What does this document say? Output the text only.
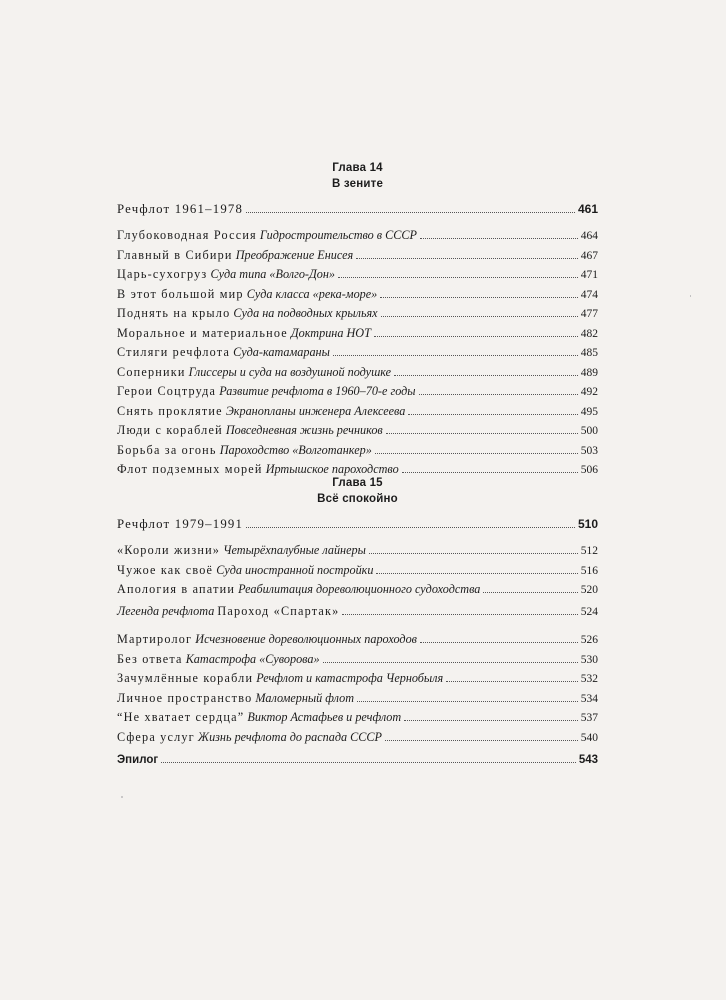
Глава 14
В зените
Речфлот 1961–1978	461
Глубоководная Россия Гидростроительство в СССР	464
Главный в Сибири Преображение Енисея	467
Царь-сухогруз Суда типа «Волго-Дон»	471
В этот большой мир Суда класса «река-море»	474
Поднять на крыло Суда на подводных крыльях	477
Моральное и материальное Доктрина НОТ	482
Стиляги речфлота Суда-катамараны	485
Соперники Глиссеры и суда на воздушной подушке	489
Герои Соцтруда Развитие речфлота в 1960–70-е годы	492
Снять проклятие Экранопланы инженера Алексеева	495
Люди с кораблей Повседневная жизнь речников	500
Борьба за огонь Пароходство «Волготанкер»	503
Флот подземных морей Иртышское пароходство	506
Глава 15
Всё спокойно
Речфлот 1979–1991	510
«Короли жизни» Четырёхпалубные лайнеры	512
Чужое как своё Суда иностранной постройки	516
Апология в апатии Реабилитация дореволюционного судоходства	520
Легенда речфлота Пароход «Спартак»	524
Мартиролог Исчезновение дореволюционных пароходов	526
Без ответа Катастрофа «Суворова»	530
Зачумлённые корабли Речфлот и катастрофа Чернобыля	532
Личное пространство Маломерный флот	534
“Не хватает сердца” Виктор Астафьев и речфлот	537
Сфера услуг Жизнь речфлота до распада СССР	540
Эпилог	543
